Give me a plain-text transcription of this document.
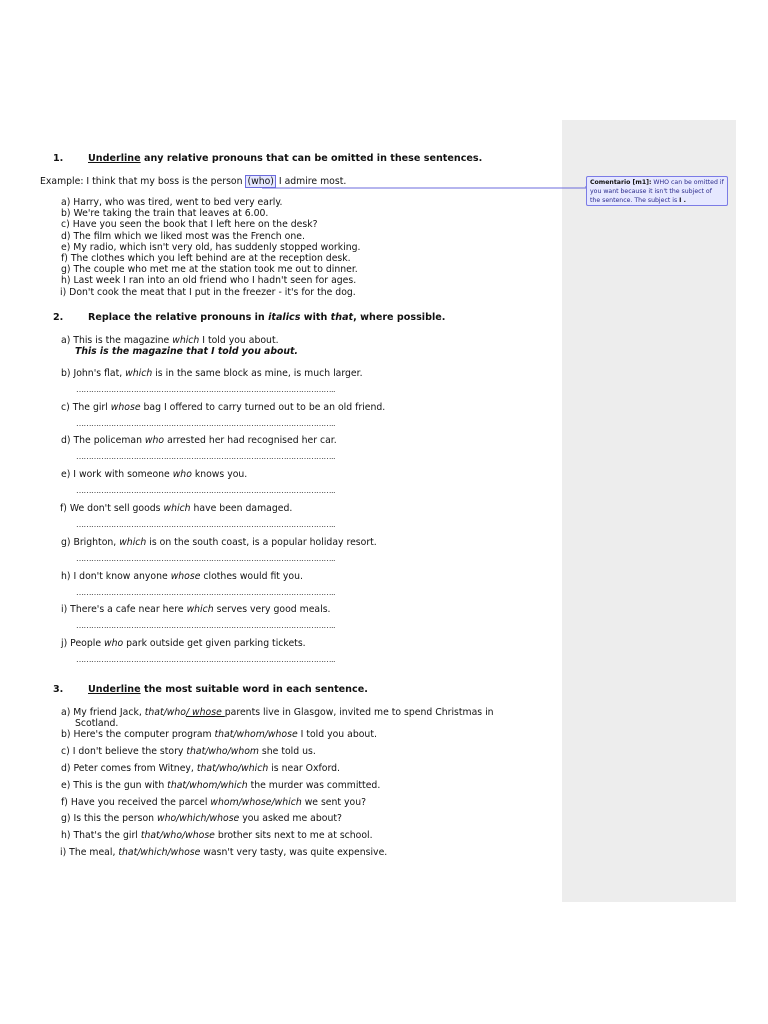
Comentario [m1]: WHO can be omitted if you want because it isn't the subject of the sentence. The subject is I .
1.	Underline any relative pronouns that can be omitted in these sentences.
Example: I think that my boss is the person (who) I admire most.
a) Harry, who was tired, went to bed very early.
b) We're taking the train that leaves at 6.00.
c) Have you seen the book that I left here on the desk?
d) The film which we liked most was the French one.
e) My radio, which isn't very old, has suddenly stopped working.
f) The clothes which you left behind are at the reception desk.
g) The couple who met me at the station took me out to dinner.
h) Last week I ran into an old friend who I hadn't seen for ages.
i) Don't cook the meat that I put in the freezer - it's for the dog.
2.	Replace the relative pronouns in italics with that, where possible.
a) This is the magazine which I told you about.
b) John's flat, which is in the same block as mine, is much larger.
…………………………………………………………………………………………..
c) The girl whose bag I offered to carry turned out to be an old friend.
…………………………………………………………………………………………..
d) The policeman who arrested her had recognised her car.
…………………………………………………………………………………………..
e) I work with someone who knows you.
…………………………………………………………………………………………..
f) We don't sell goods which have been damaged.
…………………………………………………………………………………………..
g) Brighton, which is on the south coast, is a popular holiday resort.
…………………………………………………………………………………………..
h) I don't know anyone whose clothes would fit you.
…………………………………………………………………………………………..
i) There's a cafe near here which serves very good meals.
…………………………………………………………………………………………..
j) People who park outside get given parking tickets.
…………………………………………………………………………………………..
This is the magazine that I told you about.
3.	Underline the most suitable word in each sentence.
a) My friend Jack, that/who/ whose parents live in Glasgow, invited me to spend Christmas in
Scotland.
b) Here's the computer program that/whom/whose I told you about.
c) I don't believe the story that/who/whom she told us.
d) Peter comes from Witney, that/who/which is near Oxford.
e) This is the gun with that/whom/which the murder was committed.
f) Have you received the parcel whom/whose/which we sent you?
g) Is this the person who/which/whose you asked me about?
h) That's the girl that/who/whose brother sits next to me at school.
i) The meal, that/which/whose wasn't very tasty, was quite expensive.
